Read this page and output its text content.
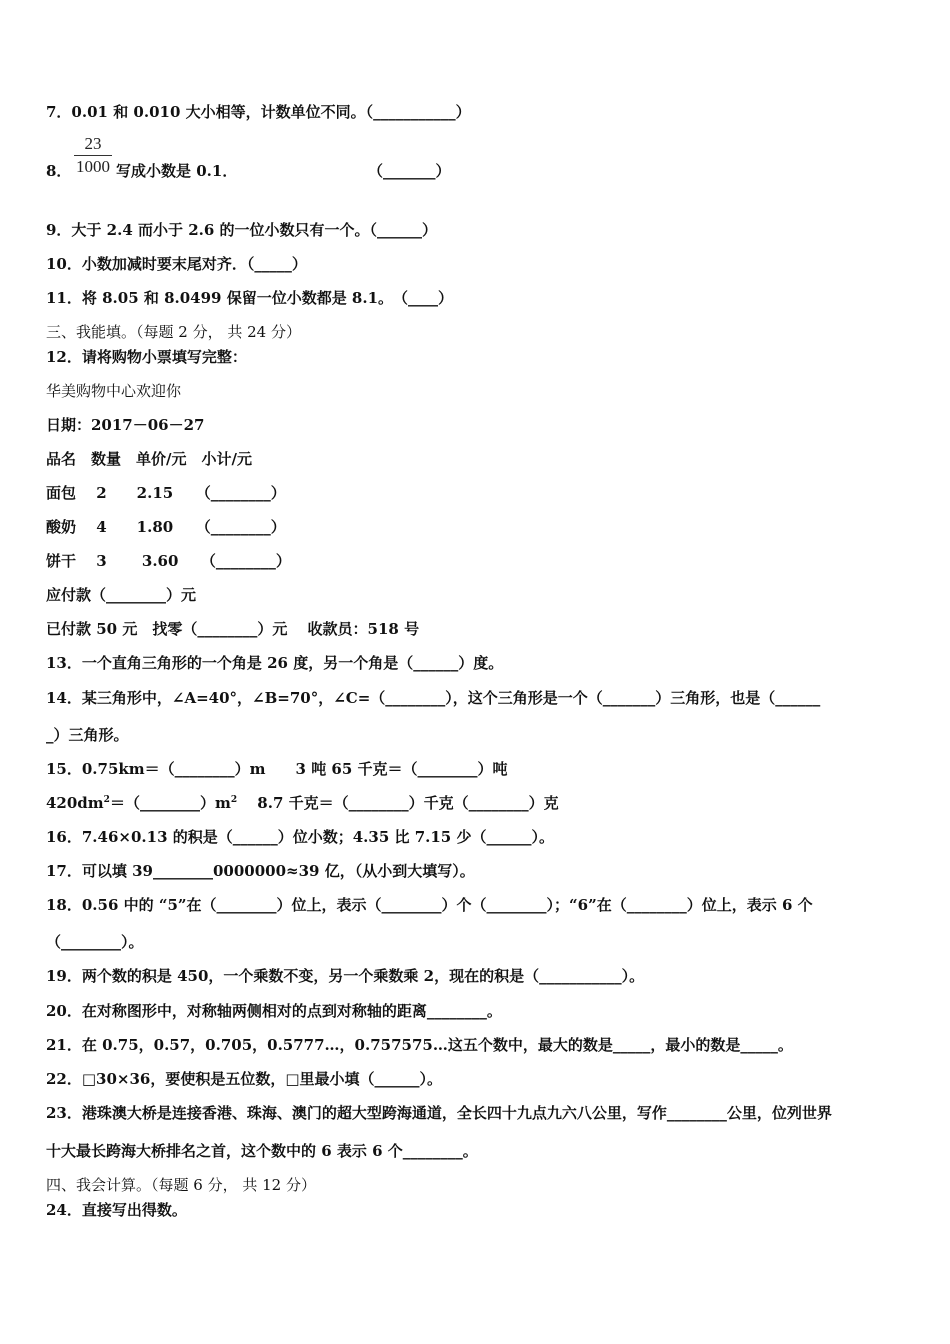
7．0.01 和 0.010 大小相等，计数单位不同。（___________）
23
1000
8．	写成小数是 0.1．	（_______）
9．大于 2.4 而小于 2.6 的一位小数只有一个。（______）
10．小数加减时要末尾对齐．（_____）
11．将 8.05 和 8.0499 保留一位小数都是 8.1。　（____）
三、我能填。（每题 2 分， 共 24 分）
12．请将购物小票填写完整：
华美购物中心欢迎你
日期：2017－06－27
品名　数量　单价/元　小计/元
面包　 2　　2.15　　（________）
酸奶　 4　　1.80　　（________）
饼干　 3　　 3.60　　（________）
应付款（________）元
已付款 50 元　找零（________）元　 收款员：518 号
13．一个直角三角形的一个角是 26 度，另一个角是（______）度。
14．某三角形中，∠A=40°，∠B=70°，∠C=（________），这个三角形是一个（_______）三角形，也是（______
_）三角形。
15．0.75km＝（________）m　　3 吨 65 千克＝（________）吨
$420dm^2=(\_\_\_\_\_\_\_\_)m^2$　 8.7 千克＝（________）千克（________）克
16．7.46×0.13 的积是（______）位小数；4.35 比 7.15 少（______）。
17．可以填 39________0000000≈39 亿，（从小到大填写）。
18．0.56 中的 “5”在（________）位上，表示（________）个（________）；“6”在（________）位上，表示 6 个
（________）。
19．两个数的积是 450，一个乘数不变，另一个乘数乘 2，现在的积是（___________）。
20．在对称图形中，对称轴两侧相对的点到对称轴的距离________。
21．在 0.75，0.57，0.705，0.5777…，0.757575…这五个数中，最大的数是_____，最小的数是_____。
22．□30×36，要使积是五位数，□里最小填（______）。
23．港珠澳大桥是连接香港、珠海、澳门的超大型跨海通道，全长四十九点九六八公里，写作________公里，位列世界
十大最长跨海大桥排名之首，这个数中的 6 表示 6 个________。
四、我会计算。（每题 6 分， 共 12 分）
24．直接写出得数。
